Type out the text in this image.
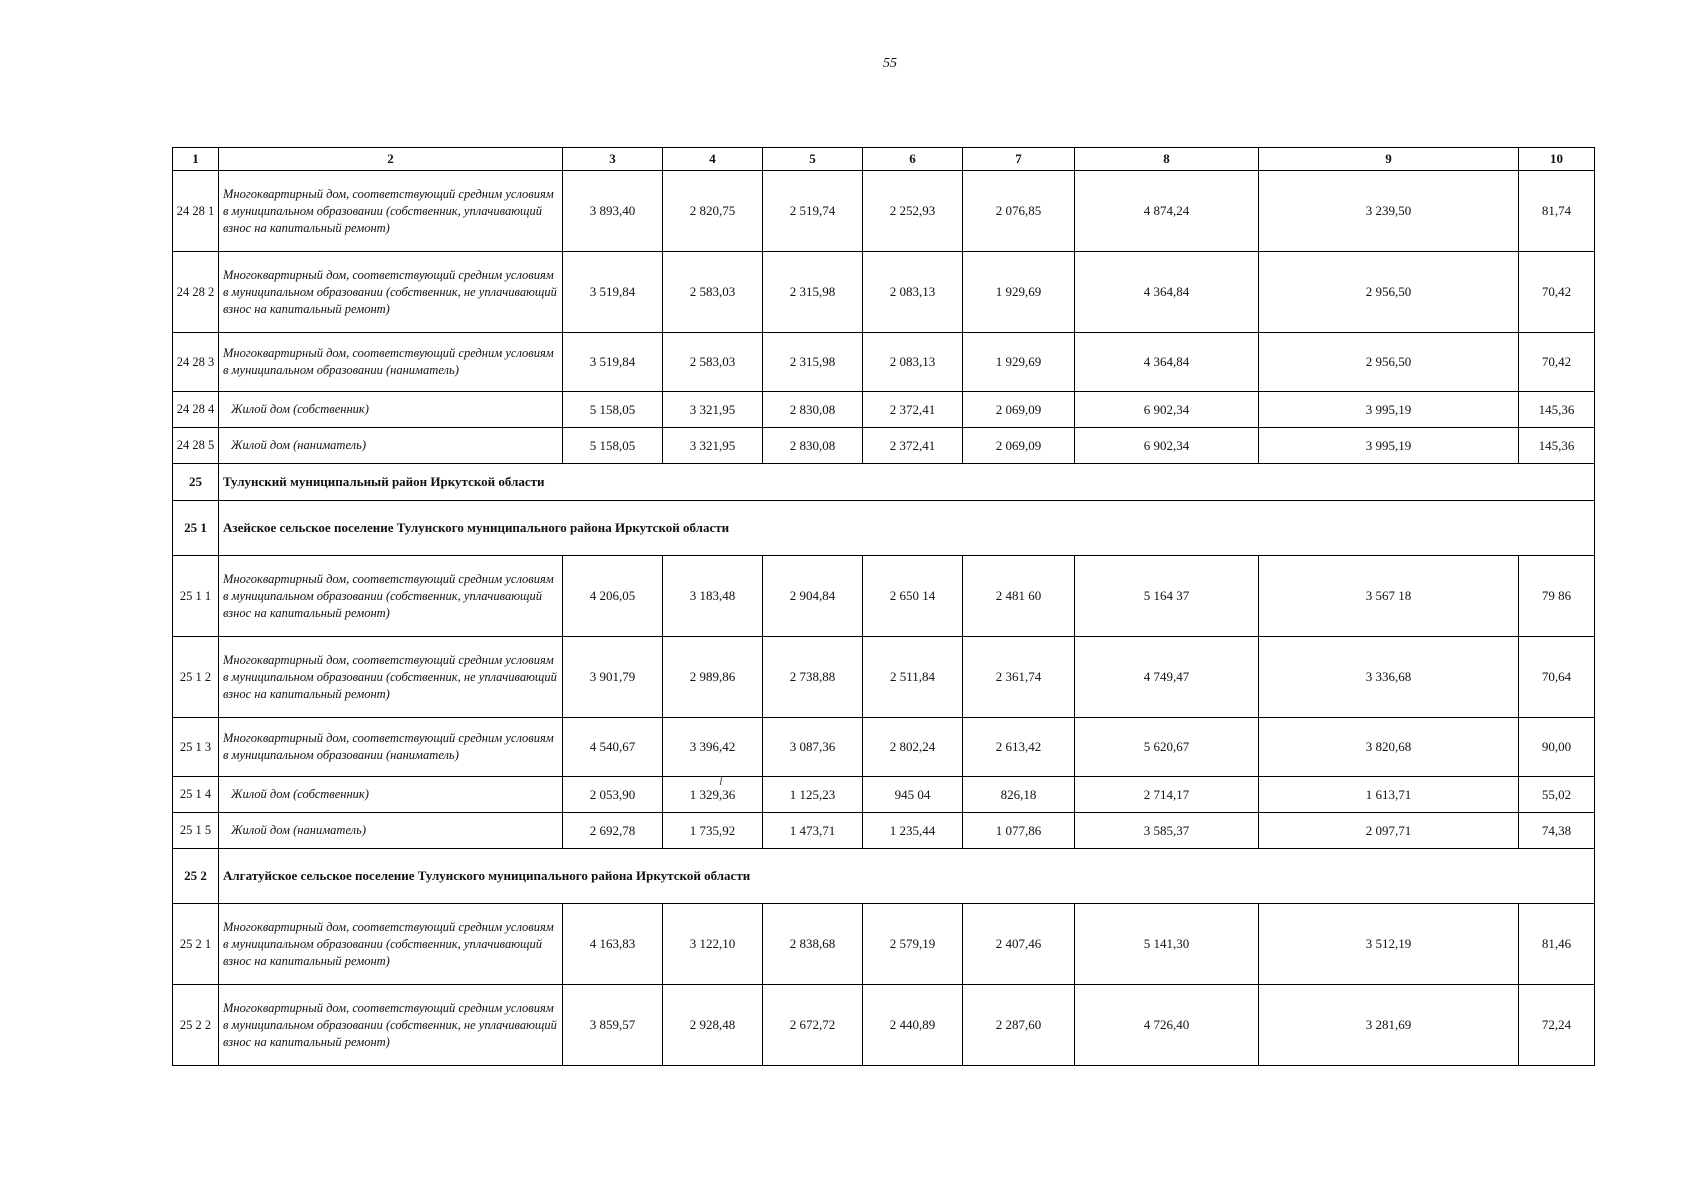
55
1	2	3	4	5	6	7	8	9	10
24 28 1	Многоквартирный дом, соответствующий средним условиям в муниципальном образовании (собственник, уплачивающий взнос на капитальный ремонт)	3 893,40	2 820,75	2 519,74	2 252,93	2 076,85	4 874,24	3 239,50	81,74
24 28 2	Многоквартирный дом, соответствующий средним условиям в муниципальном образовании (собственник, не уплачивающий взнос на капитальный ремонт)	3 519,84	2 583,03	2 315,98	2 083,13	1 929,69	4 364,84	2 956,50	70,42
24 28 3	Многоквартирный дом, соответствующий средним условиям в муниципальном образовании (наниматель)	3 519,84	2 583,03	2 315,98	2 083,13	1 929,69	4 364,84	2 956,50	70,42
24 28 4	Жилой дом (собственник)	5 158,05	3 321,95	2 830,08	2 372,41	2 069,09	6 902,34	3 995,19	145,36
24 28 5	Жилой дом (наниматель)	5 158,05	3 321,95	2 830,08	2 372,41	2 069,09	6 902,34	3 995,19	145,36
25	Тулунский муниципальный район Иркутской области								
25 1	Азейское сельское поселение Тулунского муниципального района Иркутской области								
25 1 1	Многоквартирный дом, соответствующий средним условиям в муниципальном образовании (собственник, уплачивающий взнос на капитальный ремонт)	4 206,05	3 183,48	2 904,84	2 650 14	2 481 60	5 164 37	3 567 18	79 86
25 1 2	Многоквартирный дом, соответствующий средним условиям в муниципальном образовании (собственник, не уплачивающий взнос на капитальный ремонт)	3 901,79	2 989,86	2 738,88	2 511,84	2 361,74	4 749,47	3 336,68	70,64
25 1 3	Многоквартирный дом, соответствующий средним условиям в муниципальном образовании (наниматель)	4 540,67	3 396,42	3 087,36	2 802,24	2 613,42	5 620,67	3 820,68	90,00
25 1 4	Жилой дом (собственник)	2 053,90	1 329,36	1 125,23	945 04	826,18	2 714,17	1 613,71	55,02
25 1 5	Жилой дом (наниматель)	2 692,78	1 735,92	1 473,71	1 235,44	1 077,86	3 585,37	2 097,71	74,38
25 2	Алгатуйское сельское поселение Тулунского муниципального района Иркутской области								
25 2 1	Многоквартирный дом, соответствующий средним условиям в муниципальном образовании (собственник, уплачивающий взнос на капитальный ремонт)	4 163,83	3 122,10	2 838,68	2 579,19	2 407,46	5 141,30	3 512,19	81,46
25 2 2	Многоквартирный дом, соответствующий средним условиям в муниципальном образовании (собственник, не уплачивающий взнос на капитальный ремонт)	3 859,57	2 928,48	2 672,72	2 440,89	2 287,60	4 726,40	3 281,69	72,24
l
